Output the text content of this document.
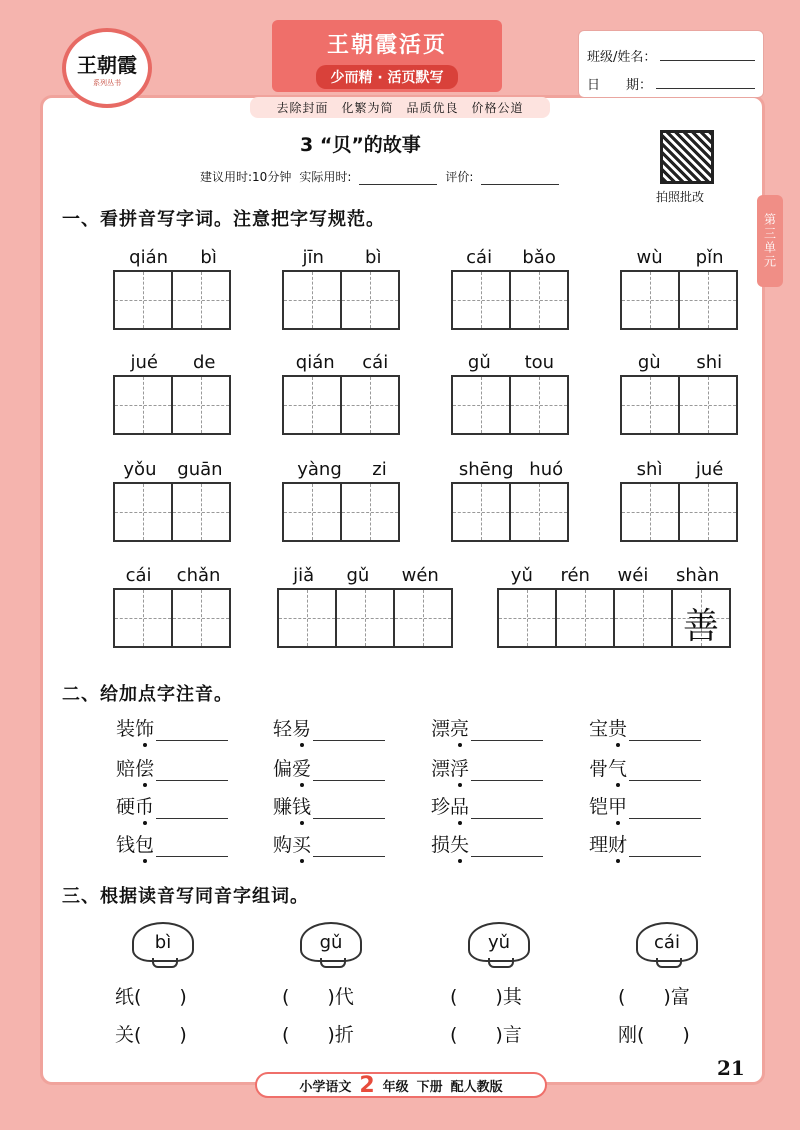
王朝霞
系列丛书
王朝霞活页
少而精 · 活页默写
去除封面　化繁为简　品质优良　价格公道
班级/姓名：
日　　期：
第三单元
3 “贝”的故事
建议用时:10分钟 实际用时:	评价:
拍照批改
一、看拼音写字词。注意把字写规范。
qián bì	jīn bì	cái bǎo	wù pǐn
jué de	qián cái	gǔ tou	gù shi
yǒu guān	yàng zi	shēng huó	shì jué
cái chǎn	jiǎ gǔ wén	yǔ rén wéi shàn
善
二、给加点字注音。
装 饰	轻 易	漂 亮	宝 贵
赔 偿	偏 爱	漂 浮	骨 气
硬 币	赚 钱	珍 品	铠 甲
钱 包	购 买	损 失	理 财
三、根据读音写同音字组词。
bì	gǔ	yǔ	cái
纸(　　)	(　　)代	(　　)其	(　　)富
关(　　)	(　　)折	(　　)言	刚(　　)
小学语文 2 年级 下册 配人教版
21
